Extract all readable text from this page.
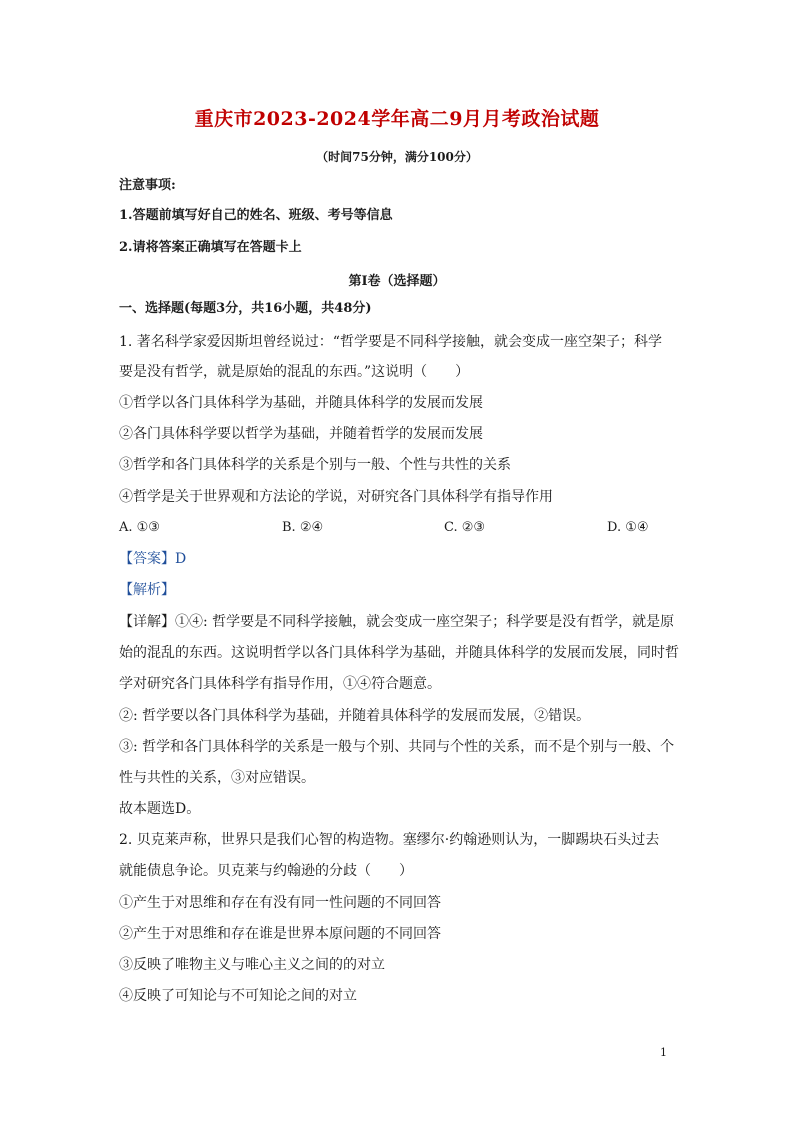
重庆市2023-2024学年高二9月月考政治试题
（时间75分钟，满分100分）
注意事项:
1.答题前填写好自己的姓名、班级、考号等信息
2.请将答案正确填写在答题卡上
第I卷（选择题）
一、选择题(每题3分，共16小题，共48分)
1. 著名科学家爱因斯坦曾经说过：“哲学要是不同科学接触，就会变成一座空架子；科学
要是没有哲学，就是原始的混乱的东西。”这说明（　　）
①哲学以各门具体科学为基础，并随具体科学的发展而发展
②各门具体科学要以哲学为基础，并随着哲学的发展而发展
③哲学和各门具体科学的关系是个别与一般、个性与共性的关系
④哲学是关于世界观和方法论的学说，对研究各门具体科学有指导作用
A. ①③	B. ②④	C. ②③	D. ①④
【答案】D
【解析】
【详解】①④: 哲学要是不同科学接触，就会变成一座空架子；科学要是没有哲学，就是原
始的混乱的东西。这说明哲学以各门具体科学为基础，并随具体科学的发展而发展，同时哲
学对研究各门具体科学有指导作用，①④符合题意。
②: 哲学要以各门具体科学为基础，并随着具体科学的发展而发展，②错误。
③: 哲学和各门具体科学的关系是一般与个别、共同与个性的关系，而不是个别与一般、个
性与共性的关系，③对应错误。
故本题选D。
2. 贝克莱声称，世界只是我们心智的构造物。塞缪尔·约翰逊则认为，一脚踢块石头过去
就能债息争论。贝克莱与约翰逊的分歧（　　）
①产生于对思维和存在有没有同一性问题的不同回答
②产生于对思维和存在谁是世界本原问题的不同回答
③反映了唯物主义与唯心主义之间的的对立
④反映了可知论与不可知论之间的对立
1
